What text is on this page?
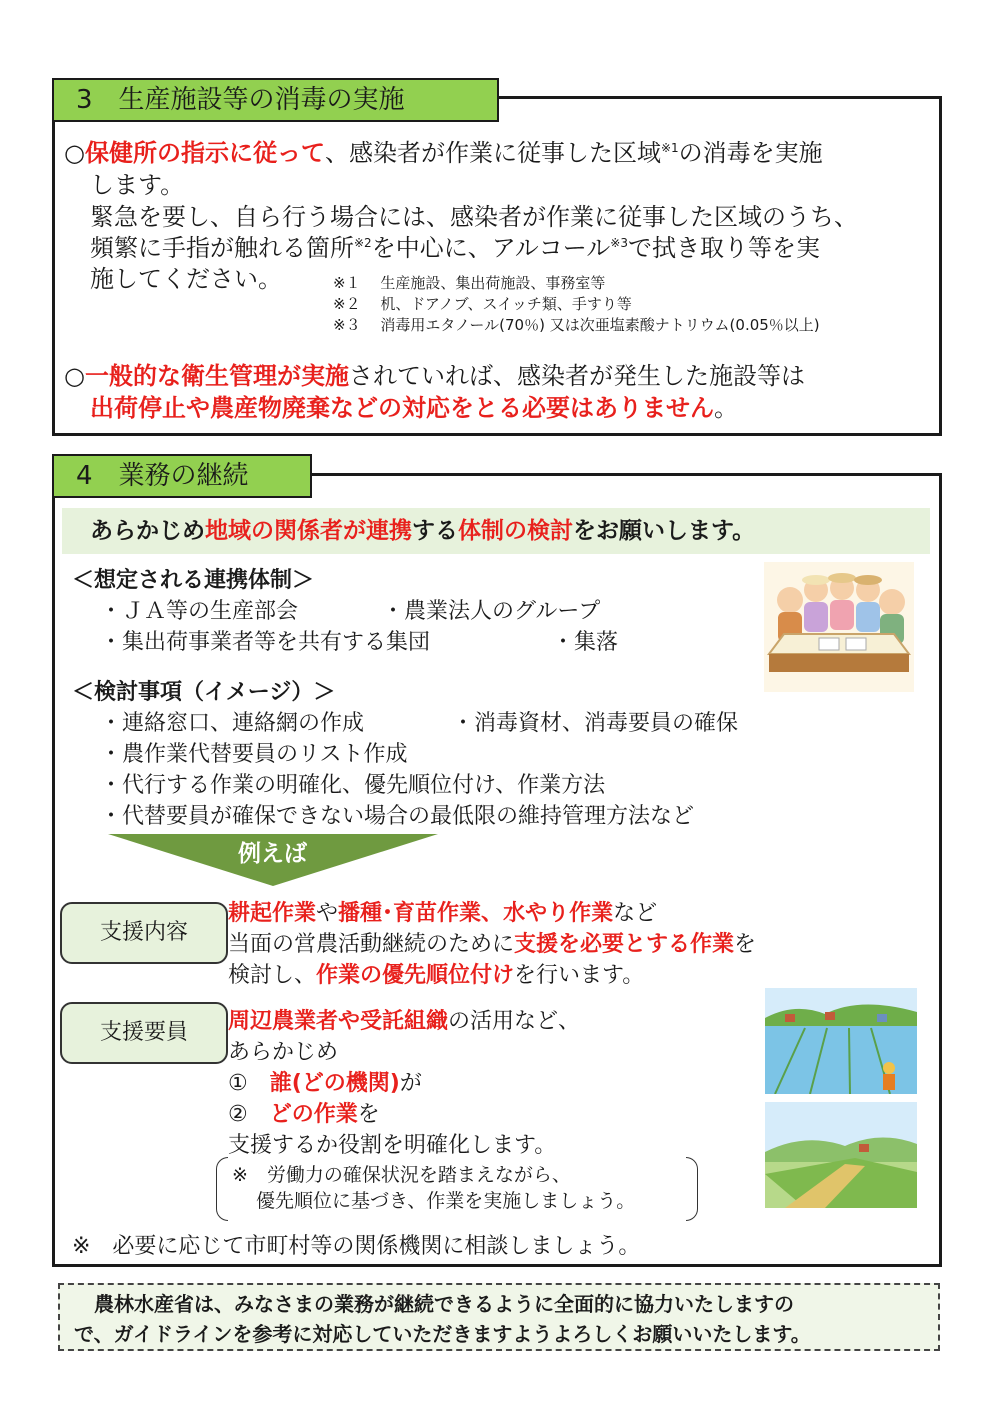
3　生産施設等の消毒の実施
○保健所の指示に従って、感染者が作業に従事した区域$^{※1}$の消毒を実施
します。
緊急を要し、自ら行う場合には、感染者が作業に従事した区域のうち、
頻繁に手指が触れる箇所$^{※2}$を中心に、アルコール$^{※3}$で拭き取り等を実
施してください。	※１　 生産施設、集出荷施設、事務室等
※２　 机、ドアノブ、スイッチ類、手すり等
※３　 消毒用エタノール(70％) 又は次亜塩素酸ナトリウム(0.05％以上)
○一般的な衛生管理が実施されていれば、感染者が発生した施設等は
出荷停止や農産物廃棄などの対応をとる必要はありません。
4　業務の継続
あらかじめ地域の関係者が連携する体制の検討をお願いします。
＜想定される連携体制＞
・ＪＡ等の生産部会	・農業法人のグループ
・集出荷事業者等を共有する集団	・集落
＜検討事項（イメージ）＞
・連絡窓口、連絡網の作成	・消毒資材、消毒要員の確保
・農作業代替要員のリスト作成
・代行する作業の明確化、優先順位付け、作業方法
・代替要員が確保できない場合の最低限の維持管理方法など
例えば
支援内容
耕起作業や播種･育苗作業、水やり作業など
当面の営農活動継続のために支援を必要とする作業を
検討し、作業の優先順位付けを行います。
支援要員	周辺農業者や受託組織の活用など、
あらかじめ
①　誰(どの機関)が
②　どの作業を
支援するか役割を明確化します。
※　労働力の確保状況を踏まえながら、
優先順位に基づき、作業を実施しましょう。
※　必要に応じて市町村等の関係機関に相談しましょう。
農林水産省は、みなさまの業務が継続できるように全面的に協力いたしますの
で、ガイドラインを参考に対応していただきますようよろしくお願いいたします。
